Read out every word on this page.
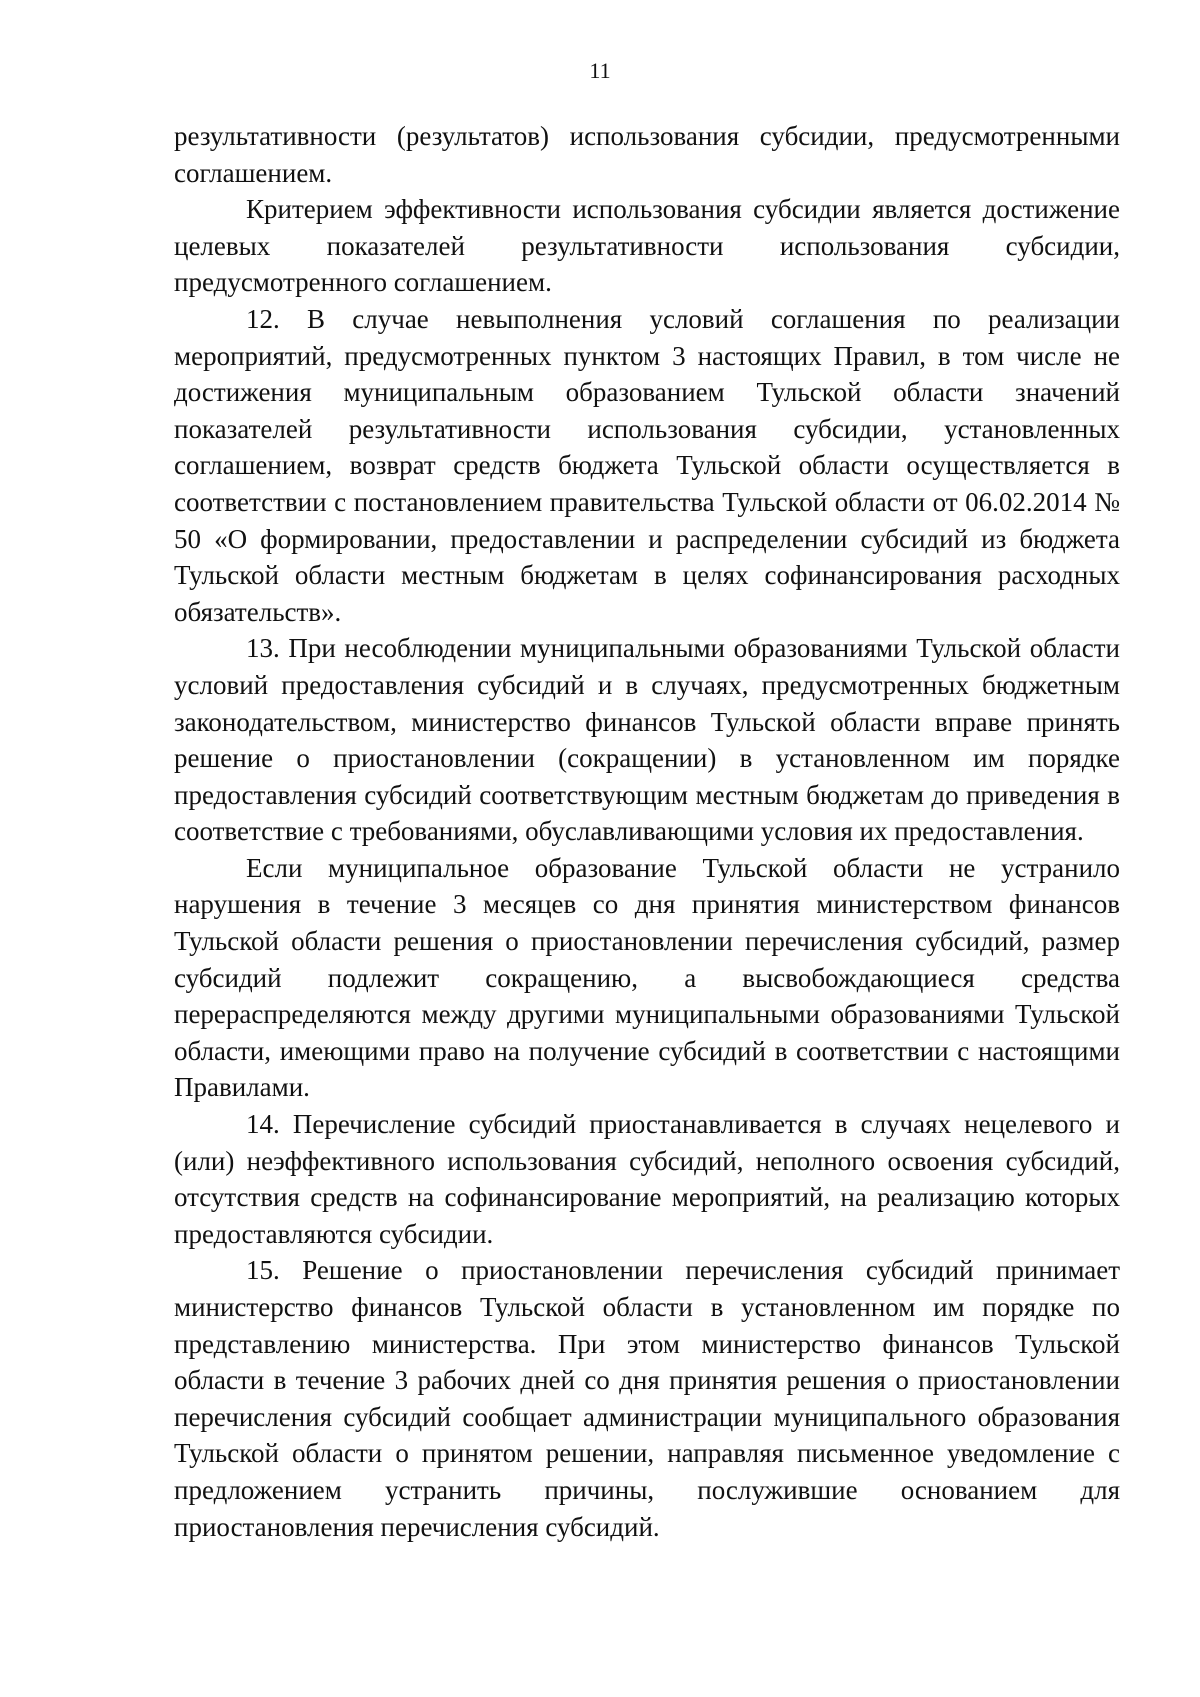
11

результативности (результатов) использования субсидии, предусмотренными соглашением.

Критерием эффективности использования субсидии является достижение целевых показателей результативности использования субсидии, предусмотренного соглашением.

12. В случае невыполнения условий соглашения по реализации мероприятий, предусмотренных пунктом 3 настоящих Правил, в том числе не достижения муниципальным образованием Тульской области значений показателей результативности использования субсидии, установленных соглашением, возврат средств бюджета Тульской области осуществляется в соответствии с постановлением правительства Тульской области от 06.02.2014 № 50 «О формировании, предоставлении и распределении субсидий из бюджета Тульской области местным бюджетам в целях софинансирования расходных обязательств».

13. При несоблюдении муниципальными образованиями Тульской области условий предоставления субсидий и в случаях, предусмотренных бюджетным законодательством, министерство финансов Тульской области вправе принять решение о приостановлении (сокращении) в установленном им порядке предоставления субсидий соответствующим местным бюджетам до приведения в соответствие с требованиями, обуславливающими условия их предоставления.

Если муниципальное образование Тульской области не устранило нарушения в течение 3 месяцев со дня принятия министерством финансов Тульской области решения о приостановлении перечисления субсидий, размер субсидий подлежит сокращению, а высвобождающиеся средства перераспределяются между другими муниципальными образованиями Тульской области, имеющими право на получение субсидий в соответствии с настоящими Правилами.

14. Перечисление субсидий приостанавливается в случаях нецелевого и (или) неэффективного использования субсидий, неполного освоения субсидий, отсутствия средств на софинансирование мероприятий, на реализацию которых предоставляются субсидии.

15. Решение о приостановлении перечисления субсидий принимает министерство финансов Тульской области в установленном им порядке по представлению министерства. При этом министерство финансов Тульской области в течение 3 рабочих дней со дня принятия решения о приостановлении перечисления субсидий сообщает администрации муниципального образования Тульской области о принятом решении, направляя письменное уведомление с предложением устранить причины, послужившие основанием для приостановления перечисления субсидий.
